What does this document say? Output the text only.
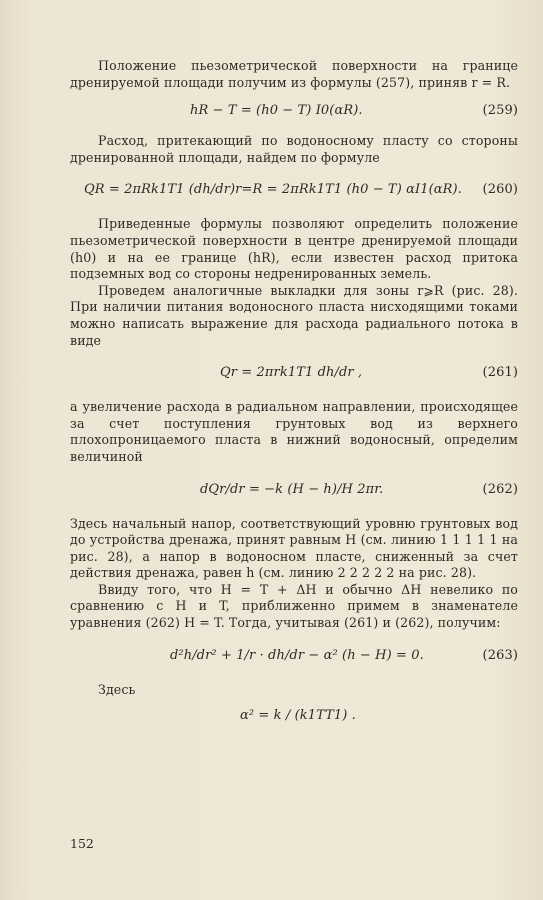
Положение пьезометрической поверхности на границе дренируемой площади получим из формулы (257), приняв r = R.

hR − T = (h0 − T) I0(αR).	(259)

Расход, притекающий по водоносному пласту со стороны дренированной площади, найдем по формуле

QR = 2πRk1T1 (dh/dr)r=R = 2πRk1T1 (h0 − T) αI1(αR). (260)

Приведенные формулы позволяют определить положение пьезометрической поверхности в центре дренируемой площади (h0) и на ее границе (hR), если известен расход притока подземных вод со стороны недренированных земель.

Проведем аналогичные выкладки для зоны r⩾R (рис. 28). При наличии питания водоносного пласта нисходящими токами можно написать выражение для расхода радиального потока в виде

Qr = 2πrk1T1 dh/dr ,	(261)

а увеличение расхода в радиальном направлении, происходящее за счет поступления грунтовых вод из верхнего плохопроницаемого пласта в нижний водоносный, определим величиной

dQr/dr = −k (H − h)/H 2πr.	(262)

Здесь начальный напор, соответствующий уровню грунтовых вод до устройства дренажа, принят равным H (см. линию 1 1 1 1 1 на рис. 28), а напор в водоносном пласте, сниженный за счет действия дренажа, равен h (см. линию 2 2 2 2 2 на рис. 28).

Ввиду того, что H = T + ΔH и обычно ΔH невелико по сравнению с H и T, приближенно примем в знаменателе уравнения (262) H = T. Тогда, учитывая (261) и (262), получим:

d²h/dr² + 1/r · dh/dr − α² (h − H) = 0.	(263)

Здесь

α² = k / (k1TT1) .
152
